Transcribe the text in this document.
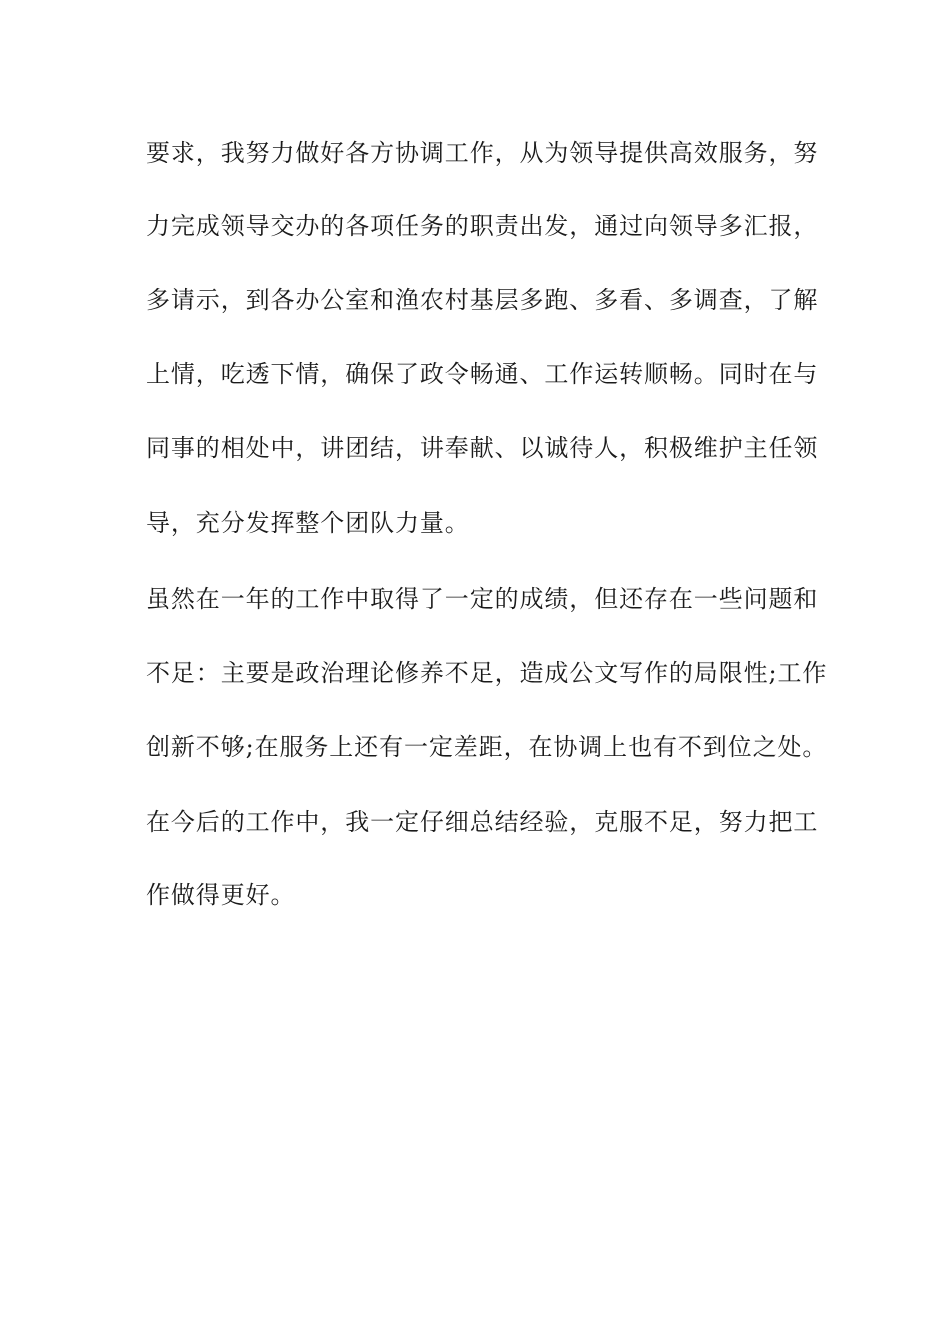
要求，我努力做好各方协调工作，从为领导提供高效服务，努
力完成领导交办的各项任务的职责出发，通过向领导多汇报，
多请示，到各办公室和渔农村基层多跑、多看、多调查，了解
上情，吃透下情，确保了政令畅通、工作运转顺畅。同时在与
同事的相处中，讲团结，讲奉献、以诚待人，积极维护主任领
导，充分发挥整个团队力量。
虽然在一年的工作中取得了一定的成绩，但还存在一些问题和
不足：主要是政治理论修养不足，造成公文写作的局限性;工作
创新不够;在服务上还有一定差距，在协调上也有不到位之处。
在今后的工作中，我一定仔细总结经验，克服不足，努力把工
作做得更好。
